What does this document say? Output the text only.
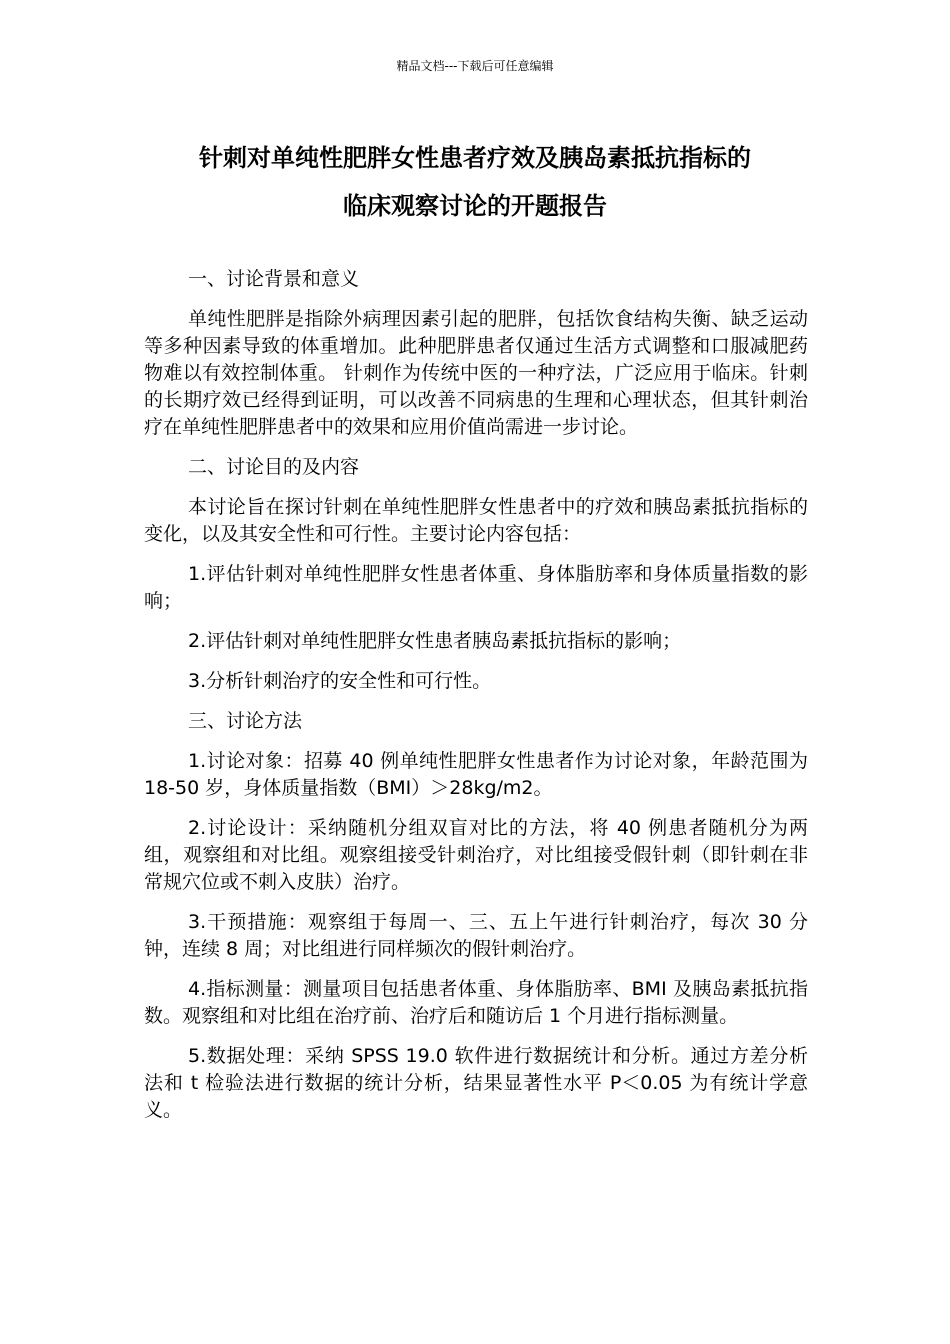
精品文档---下载后可任意编辑
针刺对单纯性肥胖女性患者疗效及胰岛素抵抗指标的
临床观察讨论的开题报告
一、讨论背景和意义

单纯性肥胖是指除外病理因素引起的肥胖，包括饮食结构失衡、缺乏运动等多种因素导致的体重增加。此种肥胖患者仅通过生活方式调整和口服减肥药物难以有效控制体重。 针刺作为传统中医的一种疗法，广泛应用于临床。针刺的长期疗效已经得到证明，可以改善不同病患的生理和心理状态，但其针刺治疗在单纯性肥胖患者中的效果和应用价值尚需进一步讨论。

二、讨论目的及内容

本讨论旨在探讨针刺在单纯性肥胖女性患者中的疗效和胰岛素抵抗指标的变化，以及其安全性和可行性。主要讨论内容包括：

1.评估针刺对单纯性肥胖女性患者体重、身体脂肪率和身体质量指数的影响；

2.评估针刺对单纯性肥胖女性患者胰岛素抵抗指标的影响；

3.分析针刺治疗的安全性和可行性。

三、讨论方法

1.讨论对象：招募 40 例单纯性肥胖女性患者作为讨论对象，年龄范围为 18-50 岁，身体质量指数（BMI）＞28kg/m2。

2.讨论设计：采纳随机分组双盲对比的方法，将 40 例患者随机分为两组，观察组和对比组。观察组接受针刺治疗，对比组接受假针刺（即针刺在非常规穴位或不刺入皮肤）治疗。

3.干预措施：观察组于每周一、三、五上午进行针刺治疗，每次 30 分钟，连续 8 周；对比组进行同样频次的假针刺治疗。

4.指标测量：测量项目包括患者体重、身体脂肪率、BMI 及胰岛素抵抗指数。观察组和对比组在治疗前、治疗后和随访后 1 个月进行指标测量。

5.数据处理：采纳 SPSS 19.0 软件进行数据统计和分析。通过方差分析法和 t 检验法进行数据的统计分析，结果显著性水平 P＜0.05 为有统计学意义。
